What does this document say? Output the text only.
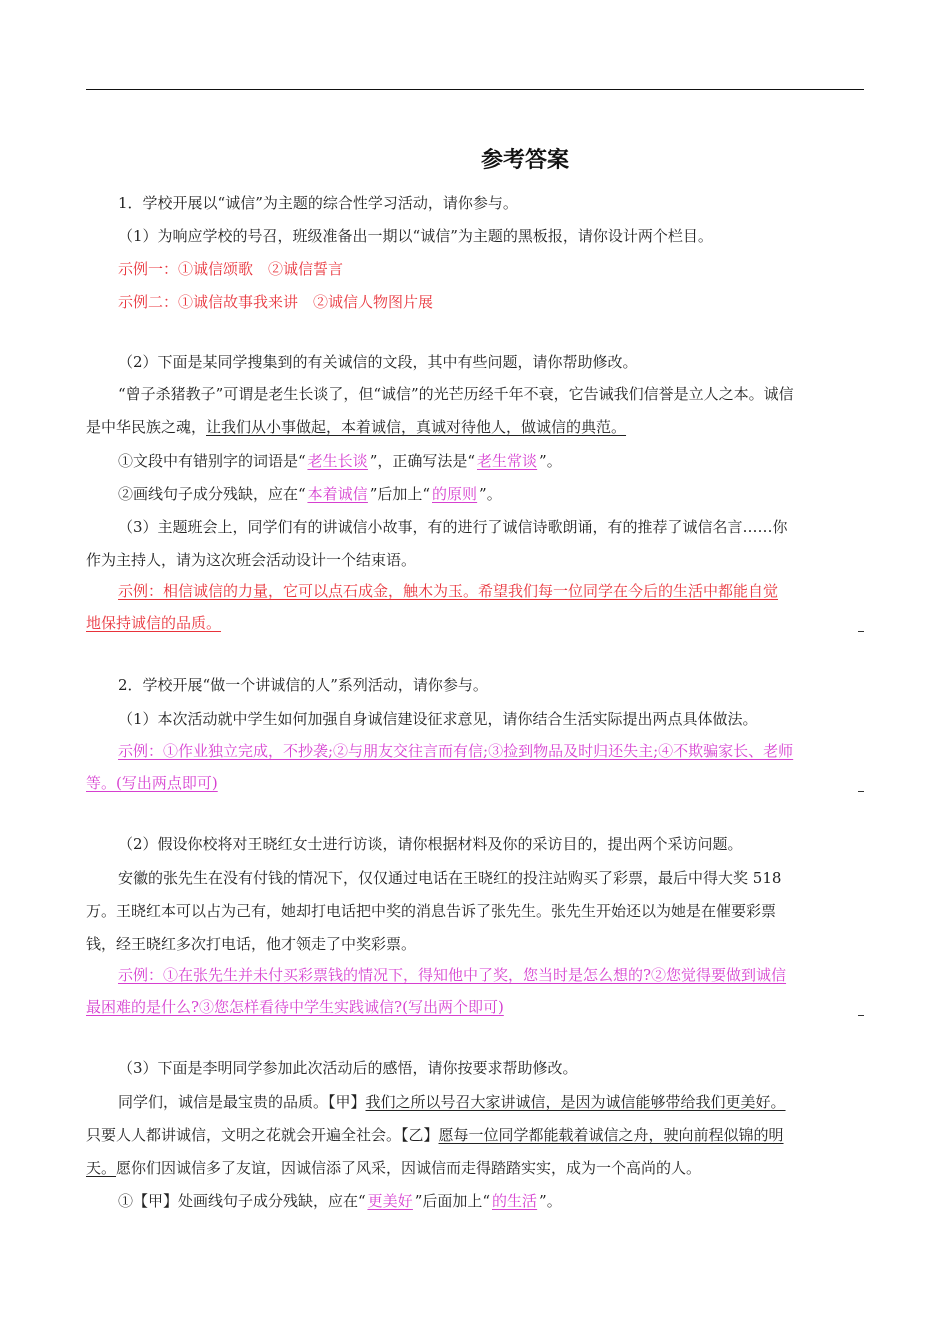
参考答案
1．学校开展以“诚信”为主题的综合性学习活动，请你参与。
（1）为响应学校的号召，班级准备出一期以“诚信”为主题的黑板报，请你设计两个栏目。
示例一：①诚信颂歌　②诚信誓言
示例二：①诚信故事我来讲　②诚信人物图片展
（2）下面是某同学搜集到的有关诚信的文段，其中有些问题，请你帮助修改。
“曾子杀猪教子”可谓是老生长谈了，但“诚信”的光芒历经千年不衰，它告诫我们信誉是立人之本。诚信
是中华民族之魂，让我们从小事做起，本着诚信，真诚对待他人，做诚信的典范。
①文段中有错别字的词语是“ 老生长谈 ”，正确写法是“ 老生常谈 ”。
②画线句子成分残缺，应在“ 本着诚信 ”后加上“ 的原则 ”。
（3）主题班会上，同学们有的讲诚信小故事，有的进行了诚信诗歌朗诵，有的推荐了诚信名言……你
作为主持人，请为这次班会活动设计一个结束语。
示例：相信诚信的力量，它可以点石成金，触木为玉。希望我们每一位同学在今后的生活中都能自觉
地保持诚信的品质。
2．学校开展“做一个讲诚信的人”系列活动，请你参与。
（1）本次活动就中学生如何加强自身诚信建设征求意见，请你结合生活实际提出两点具体做法。
示例：①作业独立完成，不抄袭;②与朋友交往言而有信;③捡到物品及时归还失主;④不欺骗家长、老师
等。(写出两点即可)
（2）假设你校将对王晓红女士进行访谈，请你根据材料及你的采访目的，提出两个采访问题。
安徽的张先生在没有付钱的情况下，仅仅通过电话在王晓红的投注站购买了彩票，最后中得大奖 518
万。王晓红本可以占为己有，她却打电话把中奖的消息告诉了张先生。张先生开始还以为她是在催要彩票
钱，经王晓红多次打电话，他才领走了中奖彩票。
示例：①在张先生并未付买彩票钱的情况下，得知他中了奖，您当时是怎么想的?②您觉得要做到诚信
最困难的是什么?③您怎样看待中学生实践诚信?(写出两个即可)
（3）下面是李明同学参加此次活动后的感悟，请你按要求帮助修改。
同学们，诚信是最宝贵的品质。【甲】我们之所以号召大家讲诚信，是因为诚信能够带给我们更美好。
只要人人都讲诚信，文明之花就会开遍全社会。【乙】愿每一位同学都能载着诚信之舟，驶向前程似锦的明
天。愿你们因诚信多了友谊，因诚信添了风采，因诚信而走得踏踏实实，成为一个高尚的人。
①【甲】处画线句子成分残缺，应在“ 更美好 ”后面加上“ 的生活 ”。
